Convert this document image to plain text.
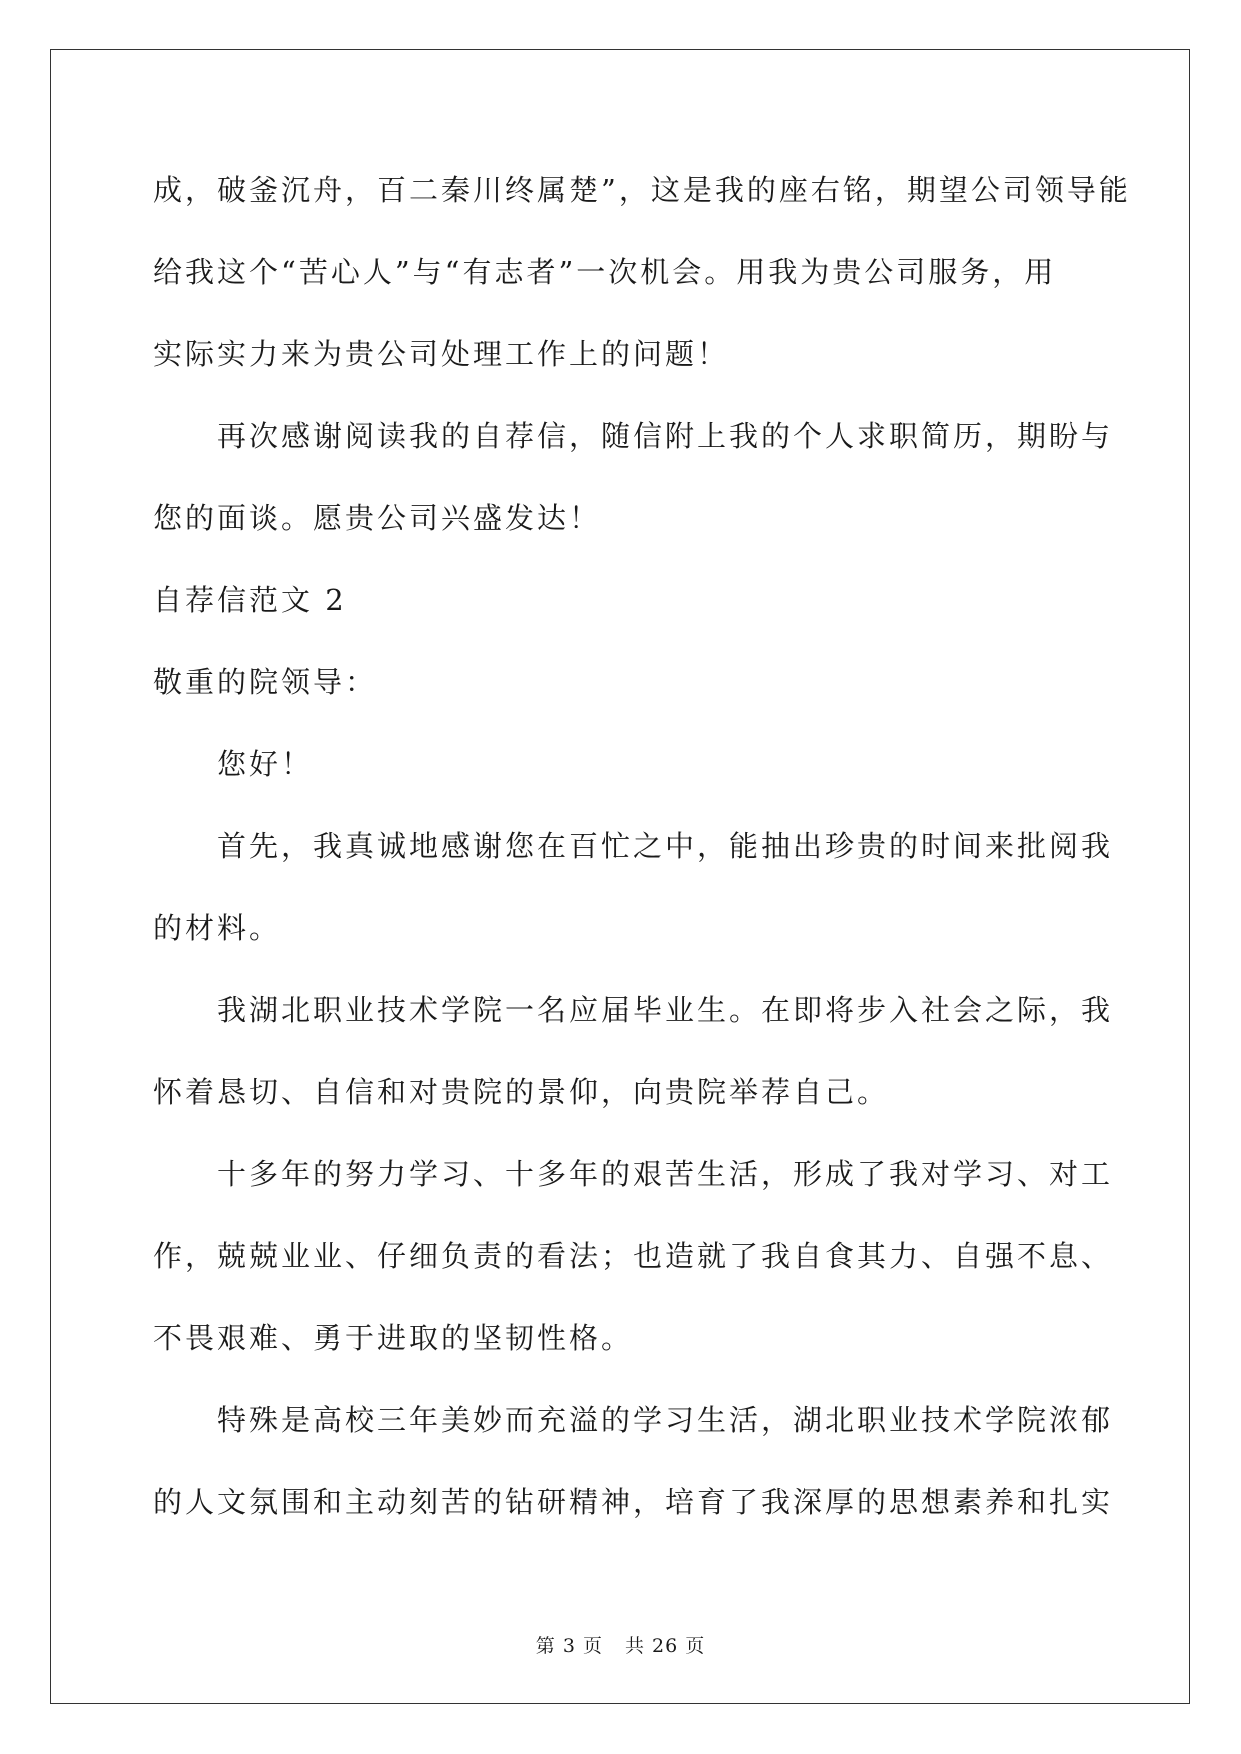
成，破釜沉舟，百二秦川终属楚”，这是我的座右铭，期望公司领导能
给我这个“苦心人”与“有志者”一次机会。用我为贵公司服务，用
实际实力来为贵公司处理工作上的问题！
再次感谢阅读我的自荐信，随信附上我的个人求职简历，期盼与
您的面谈。愿贵公司兴盛发达！
自荐信范文 2
敬重的院领导：
您好！
首先，我真诚地感谢您在百忙之中，能抽出珍贵的时间来批阅我
的材料。
我湖北职业技术学院一名应届毕业生。在即将步入社会之际，我
怀着恳切、自信和对贵院的景仰，向贵院举荐自己。
十多年的努力学习、十多年的艰苦生活，形成了我对学习、对工
作，兢兢业业、仔细负责的看法；也造就了我自食其力、自强不息、
不畏艰难、勇于进取的坚韧性格。
特殊是高校三年美妙而充溢的学习生活，湖北职业技术学院浓郁
的人文氛围和主动刻苦的钻研精神，培育了我深厚的思想素养和扎实
第 3 页 共 26 页
